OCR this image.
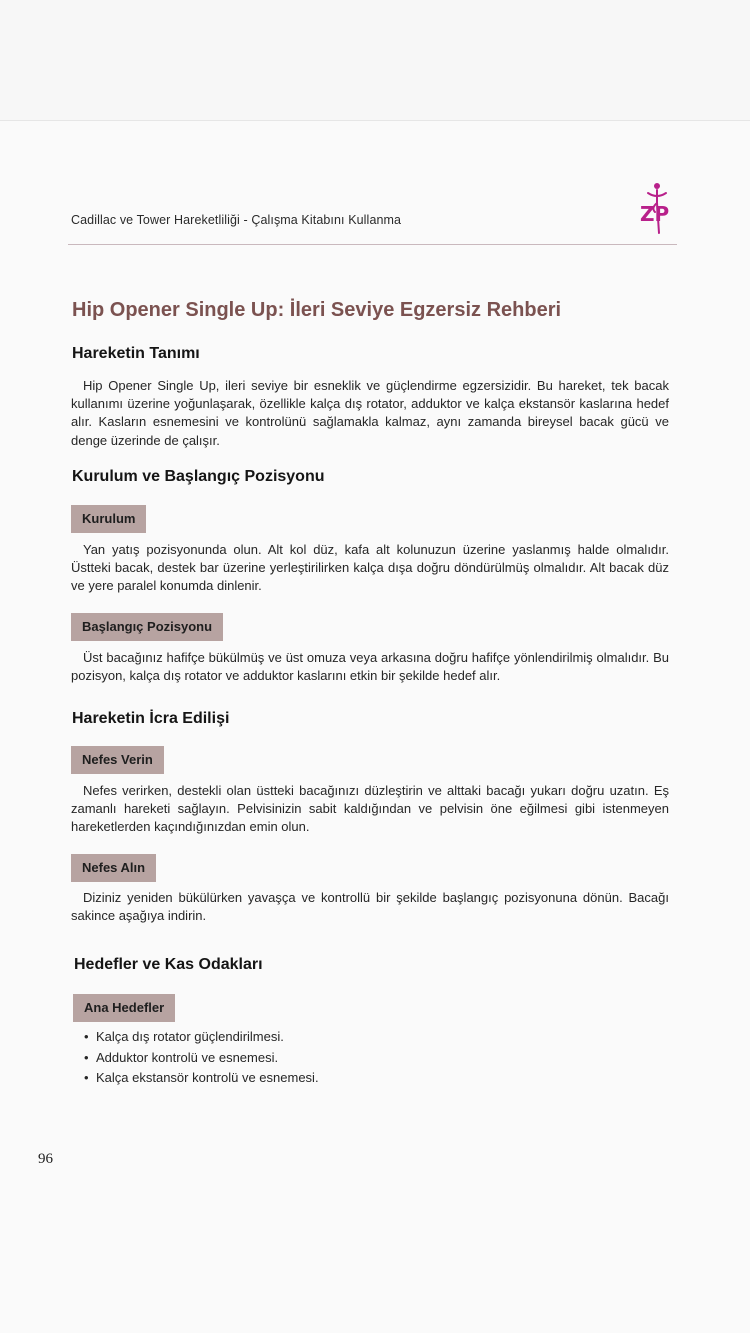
Cadillac ve Tower Hareketliliği - Çalışma Kitabını Kullanma	ZP
Hip Opener Single Up: İleri Seviye Egzersiz Rehberi
Hareketin Tanımı
Hip Opener Single Up, ileri seviye bir esneklik ve güçlendirme egzersizidir. Bu hareket, tek bacak kullanımı üzerine yoğunlaşarak, özellikle kalça dış rotator, adduktor ve kalça ekstansör kaslarına hedef alır. Kasların esnemesini ve kontrolünü sağlamakla kalmaz, aynı zamanda bireysel bacak gücü ve denge üzerinde de çalışır.
Kurulum ve Başlangıç Pozisyonu
Kurulum
Yan yatış pozisyonunda olun. Alt kol düz, kafa alt kolunuzun üzerine yaslanmış halde olmalıdır. Üstteki bacak, destek bar üzerine yerleştirilirken kalça dışa doğru döndürülmüş olmalıdır. Alt bacak düz ve yere paralel konumda dinlenir.
Başlangıç Pozisyonu
Üst bacağınız hafifçe bükülmüş ve üst omuza veya arkasına doğru hafifçe yönlendirilmiş olmalıdır. Bu pozisyon, kalça dış rotator ve adduktor kaslarını etkin bir şekilde hedef alır.
Hareketin İcra Edilişi
Nefes Verin
Nefes verirken, destekli olan üstteki bacağınızı düzleştirin ve alttaki bacağı yukarı doğru uzatın. Eş zamanlı hareketi sağlayın. Pelvisinizin sabit kaldığından ve pelvisin öne eğilmesi gibi istenmeyen hareketlerden kaçındığınızdan emin olun.
Nefes Alın
Diziniz yeniden bükülürken yavaşça ve kontrollü bir şekilde başlangıç pozisyonuna dönün. Bacağı sakince aşağıya indirin.
Hedefler ve Kas Odakları
Ana Hedefler
• Kalça dış rotator güçlendirilmesi.
• Adduktor kontrolü ve esnemesi.
• Kalça ekstansör kontrolü ve esnemesi.
96
